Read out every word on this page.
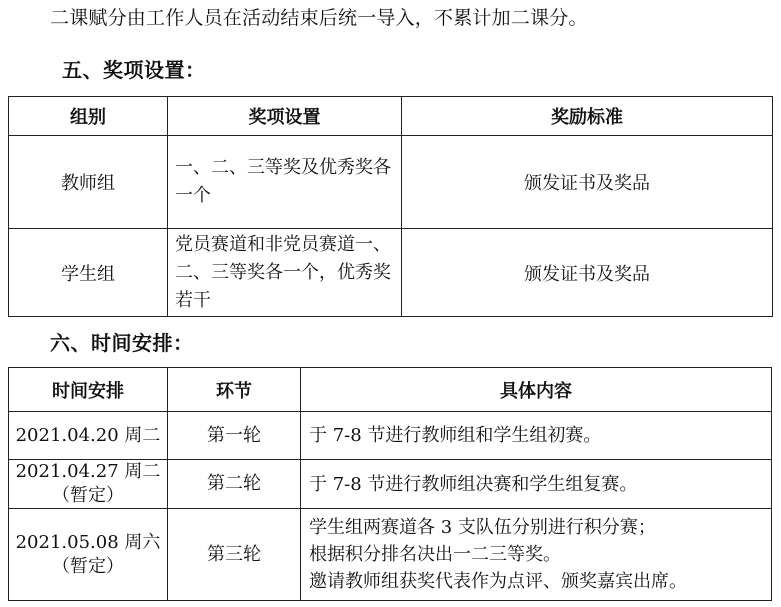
二课赋分由工作人员在活动结束后统一导入，不累计加二课分。
五、奖项设置：
组别	奖项设置	奖励标准
教师组	一、二、三等奖及优秀奖各一个	颁发证书及奖品
学生组	党员赛道和非党员赛道一、二、三等奖各一个，优秀奖若干	颁发证书及奖品
六、时间安排：
时间安排	环节	具体内容

2021.04.20 周二	第一轮	于 7-8 节进行教师组和学生组初赛。

2021.04.27 周二
（暂定）	第二轮	于 7-8 节进行教师组决赛和学生组复赛。

2021.05.08 周六
（暂定）	第三轮	学生组两赛道各 3 支队伍分别进行积分赛；
根据积分排名决出一二三等奖。
邀请教师组获奖代表作为点评、颁奖嘉宾出席。
